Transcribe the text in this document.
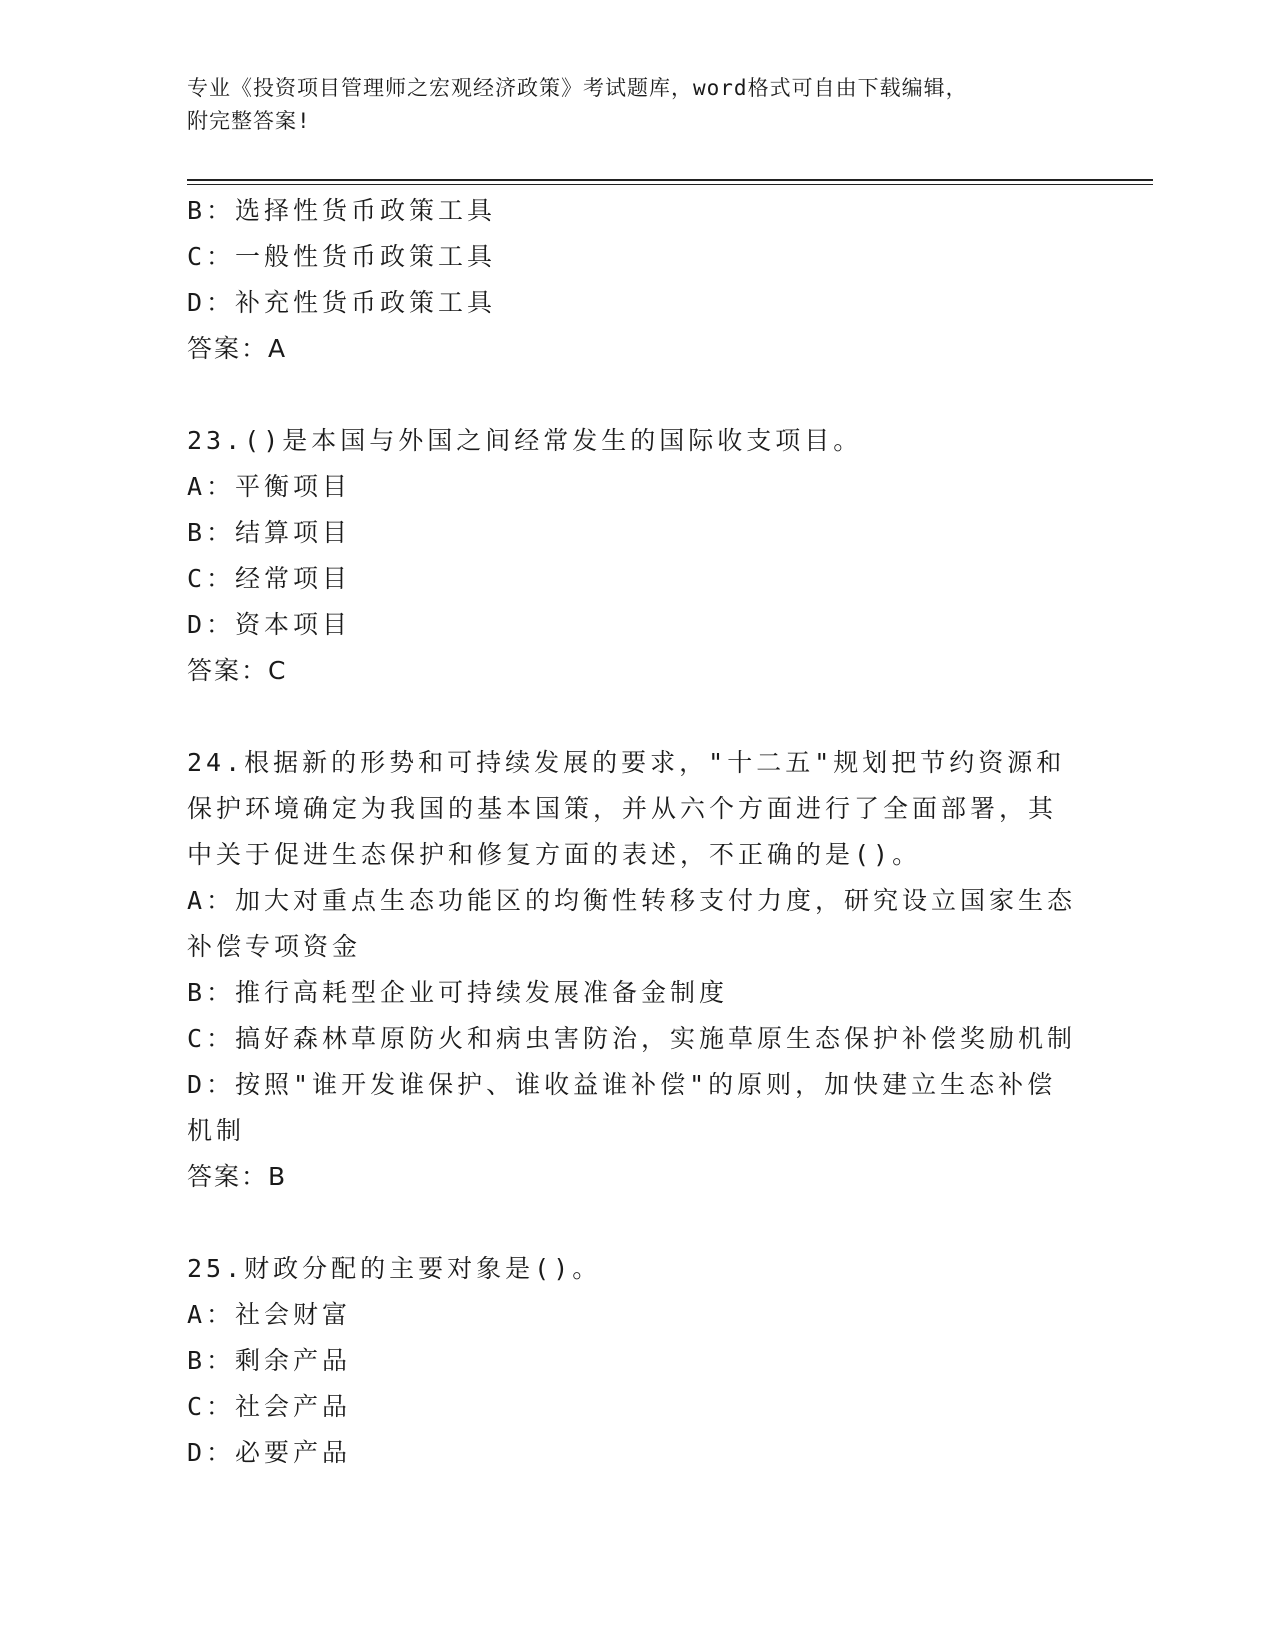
专业《投资项目管理师之宏观经济政策》考试题库，word格式可自由下载编辑，
附完整答案!

B：选择性货币政策工具

C：一般性货币政策工具

D：补充性货币政策工具

答案：A

23.()是本国与外国之间经常发生的国际收支项目。

A：平衡项目

B：结算项目

C：经常项目

D：资本项目

答案：C

24.根据新的形势和可持续发展的要求，"十二五"规划把节约资源和保护环境确定为我国的基本国策，并从六个方面进行了全面部署，其中关于促进生态保护和修复方面的表述，不正确的是()。

A：加大对重点生态功能区的均衡性转移支付力度，研究设立国家生态补偿专项资金

B：推行高耗型企业可持续发展准备金制度

C：搞好森林草原防火和病虫害防治，实施草原生态保护补偿奖励机制

D：按照"谁开发谁保护、谁收益谁补偿"的原则，加快建立生态补偿机制

答案：B

25.财政分配的主要对象是()。

A：社会财富

B：剩余产品

C：社会产品

D：必要产品
